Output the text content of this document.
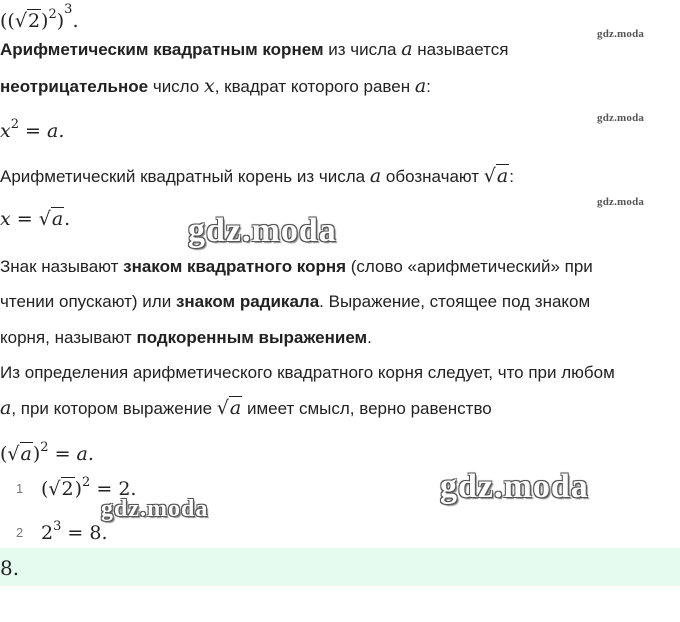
$((√2)^2)^3$.
gdz.moda
Арифметическим квадратным корнем из числа a называется
неотрицательное число x, квадрат которого равен a:
$x^2 = a$.
gdz.moda
Арифметический квадратный корень из числа a обозначают √a:
gdz.moda
x = √a.	gdz.moda
Знак называют знаком квадратного корня (слово «арифметический» при
чтении опускают) или знаком радикала. Выражение, стоящее под знаком
корня, называют подкоренным выражением.
Из определения арифметического квадратного корня следует, что при любом
a, при котором выражение √a имеет смысл, верно равенство
$(√a)^2 = a$.
1 $(√2)^2 = 2$.	gdz.moda
gdz.moda
2 $2^3 = 8$.
8.
